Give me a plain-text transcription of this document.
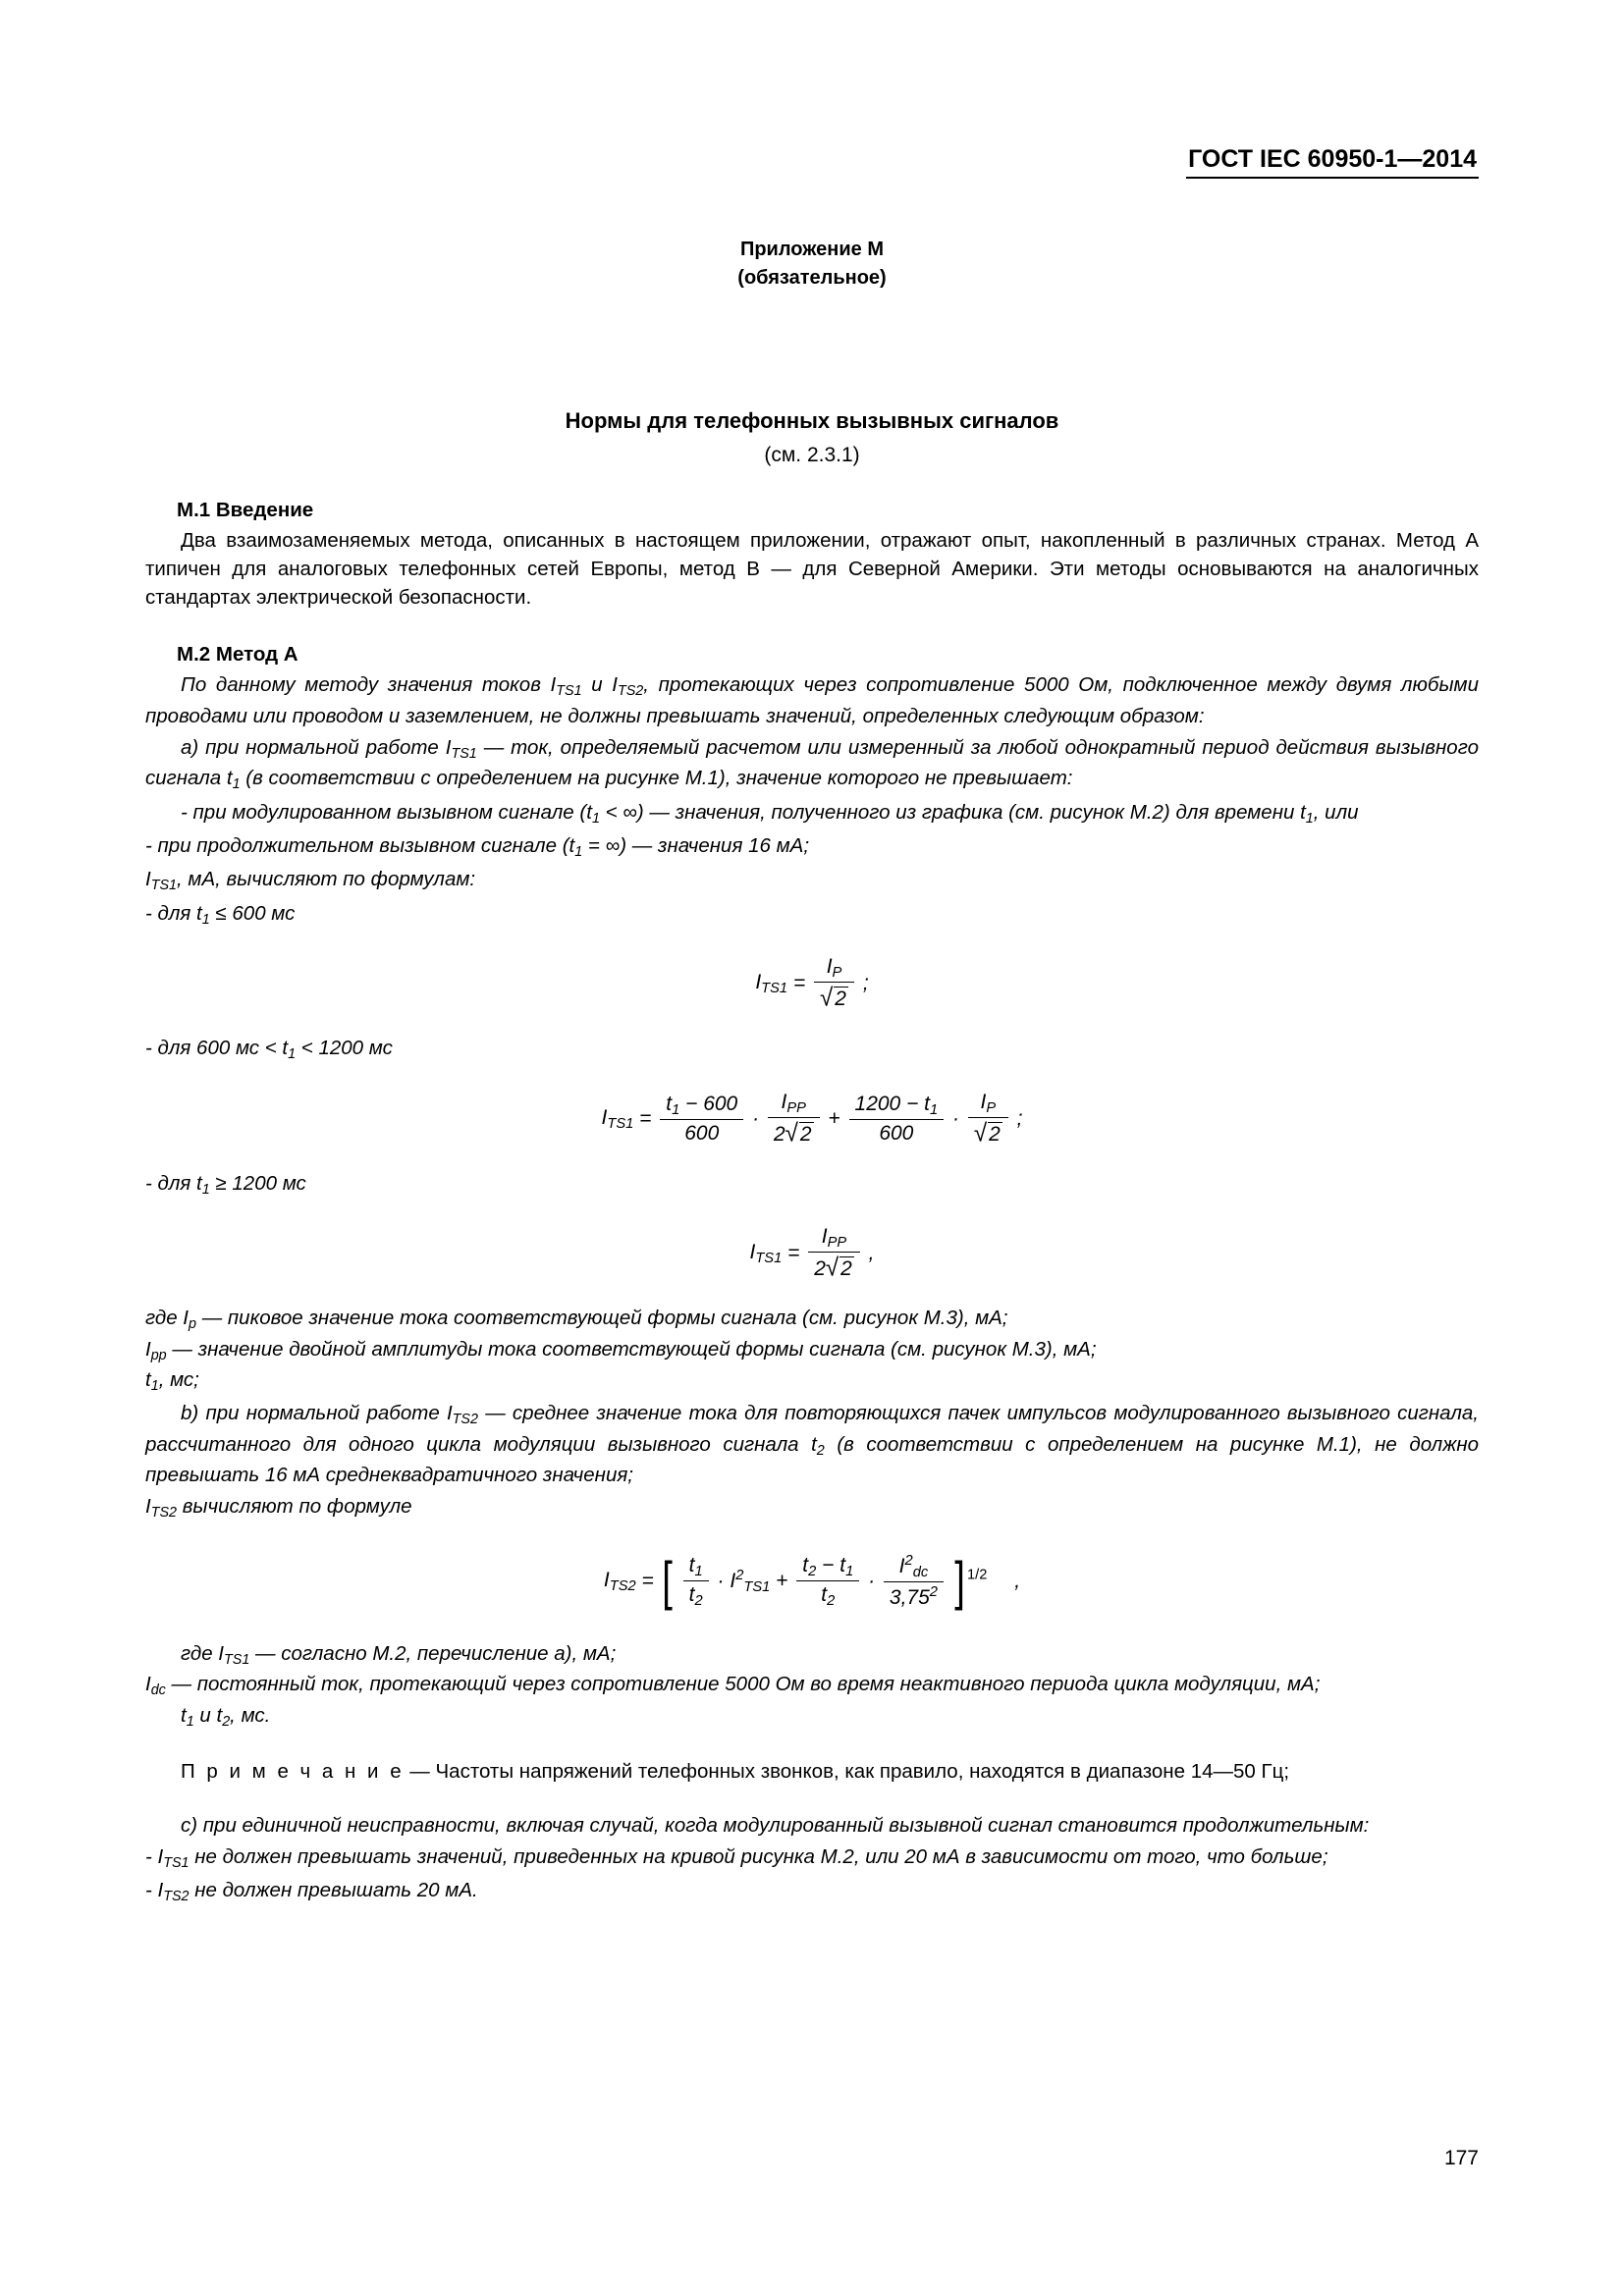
ГОСТ IEC 60950-1—2014
Приложение М
(обязательное)
Нормы для телефонных вызывных сигналов
(см. 2.3.1)
М.1 Введение

Два взаимозаменяемых метода, описанных в настоящем приложении, отражают опыт, накопленный в различных странах. Метод А типичен для аналоговых телефонных сетей Европы, метод В — для Северной Америки. Эти методы основываются на аналогичных стандартах электрической безопасности.

М.2 Метод А

По данному методу значения токов $I_{TS1}$ и $I_{TS2}$, протекающих через сопротивление 5000 Ом, подключенное между двумя любыми проводами или проводом и заземлением, не должны превышать значений, определенных следующим образом:

а) при нормальной работе $I_{TS1}$ — ток, определяемый расчетом или измеренный за любой однократный период действия вызывного сигнала $t_1$ (в соответствии с определением на рисунке М.1), значение которого не превышает:

- при модулированном вызывном сигнале ($t_1$ < ∞) — значения, полученного из графика (см. рисунок М.2) для времени $t_1$, или

- при продолжительном вызывном сигнале ($t_1$ = ∞) — значения 16 мА;

$I_{TS1}$, мА, вычисляют по формулам:

- для $t_1 \le 600$ мс

$I_{TS1} = \frac{I_P}{√2}$ ;

- для 600 мс < $t_1 < 1200$ мс

$I_{TS1} = \frac{t_1 - 600}{600} \cdot \frac{I_{PP}}{2√2} + \frac{1200 - t_1}{600} \cdot \frac{I_P}{√2}$ ;

- для $t_1 \ge 1200$ мс

$I_{TS1} = \frac{I_{PP}}{2√2}$ ,

где $I_p$ — пиковое значение тока соответствующей формы сигнала (см. рисунок М.3), мА;

$I_{pp}$ — значение двойной амплитуды тока соответствующей формы сигнала (см. рисунок М.3), мА;

$t_1$, мс;

b) при нормальной работе $I_{TS2}$ — среднее значение тока для повторяющихся пачек импульсов модулированного вызывного сигнала, рассчитанного для одного цикла модуляции вызывного сигнала $t_2$ (в соответствии с определением на рисунке М.1), не должно превышать 16 мА среднеквадратичного значения;

$I_{TS2}$ вычисляют по формуле

$I_{TS2}$ = [ $\frac{t_1}{t_2} \cdot I^2_{TS1} + \frac{t_2 - t_1}{t_2} \cdot \frac{I^2_{dc}}{3,75^2}$ ] $^{1/2}$ ,

где $I_{TS1}$ — согласно М.2, перечисление а), мА;

$I_{dc}$ — постоянный ток, протекающий через сопротивление 5000 Ом во время неактивного периода цикла модуляции, мА;

$t_1$ и $t_2$, мс.

П р и м е ч а н и е — Частоты напряжений телефонных звонков, как правило, находятся в диапазоне 14—50 Гц;

c) при единичной неисправности, включая случай, когда модулированный вызывной сигнал становится продолжительным:

- $I_{TS1}$ не должен превышать значений, приведенных на кривой рисунка М.2, или 20 мА в зависимости от того, что больше;

- $I_{TS2}$ не должен превышать 20 мА.

177
